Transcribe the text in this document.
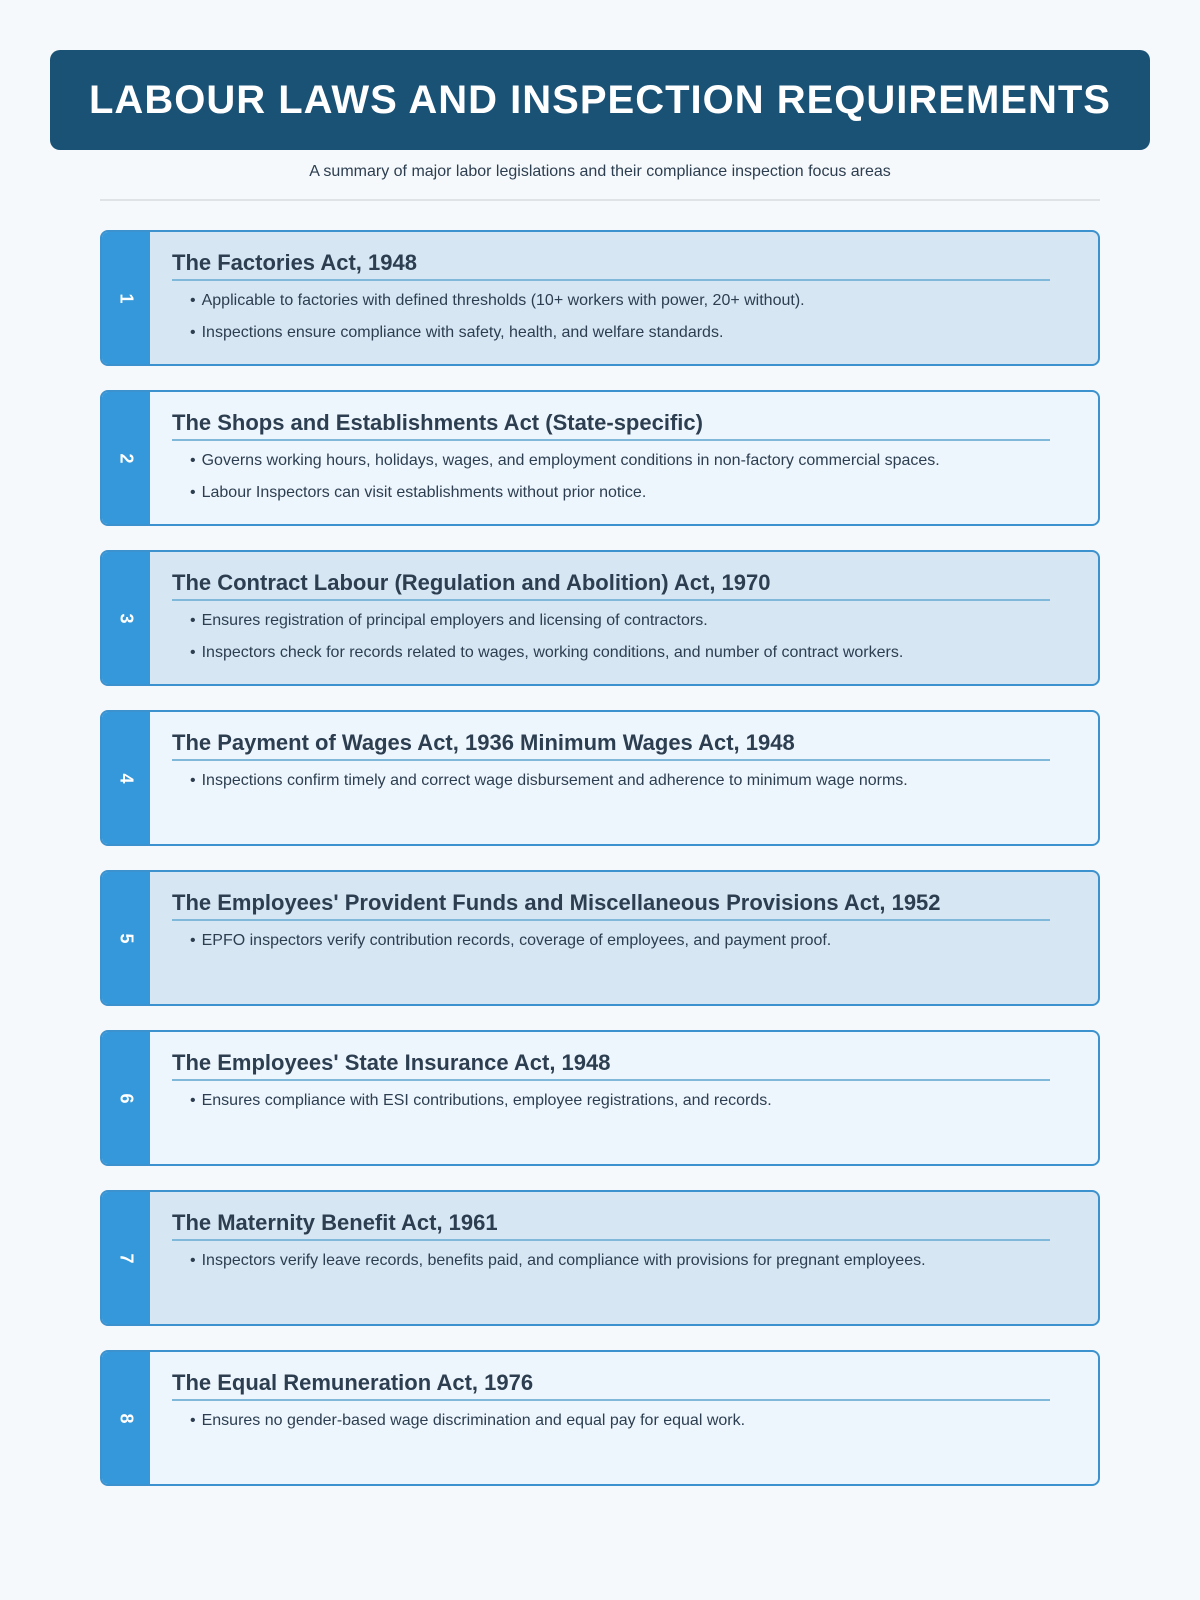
LABOUR LAWS AND INSPECTION REQUIREMENTS
A summary of major labor legislations and their compliance inspection focus areas
1
The Factories Act, 1948
• Applicable to factories with defined thresholds (10+ workers with power, 20+ without).
• Inspections ensure compliance with safety, health, and welfare standards.
2
The Shops and Establishments Act (State-specific)
• Governs working hours, holidays, wages, and employment conditions in non-factory commercial spaces.
• Labour Inspectors can visit establishments without prior notice.
3
The Contract Labour (Regulation and Abolition) Act, 1970
• Ensures registration of principal employers and licensing of contractors.
• Inspectors check for records related to wages, working conditions, and number of contract workers.
4
The Payment of Wages Act, 1936 Minimum Wages Act, 1948
• Inspections confirm timely and correct wage disbursement and adherence to minimum wage norms.
5
The Employees' Provident Funds and Miscellaneous Provisions Act, 1952
• EPFO inspectors verify contribution records, coverage of employees, and payment proof.
6
The Employees' State Insurance Act, 1948
• Ensures compliance with ESI contributions, employee registrations, and records.
7
The Maternity Benefit Act, 1961
• Inspectors verify leave records, benefits paid, and compliance with provisions for pregnant employees.
8
The Equal Remuneration Act, 1976
• Ensures no gender-based wage discrimination and equal pay for equal work.
